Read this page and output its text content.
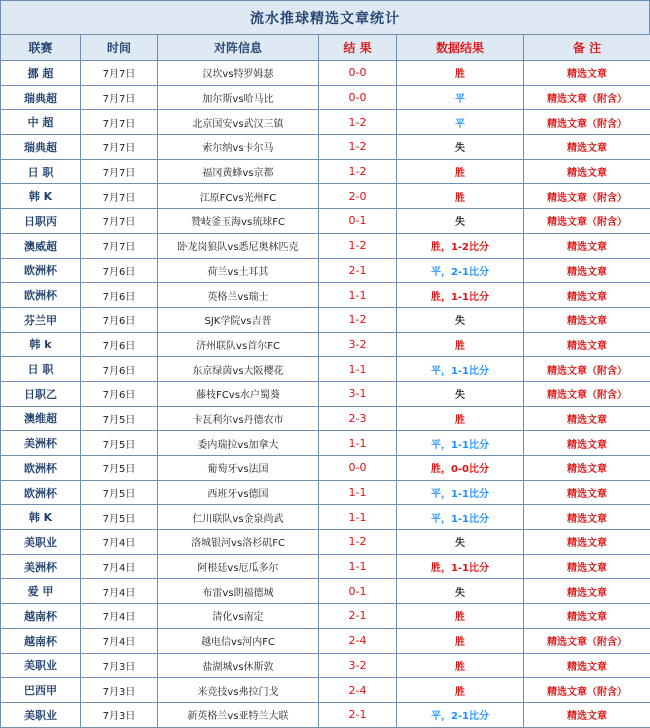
流水推球精选文章统计
联赛	时间	对阵信息	结 果	数据结果	备 注
挪 超	7月7日	汉坎vs特罗姆瑟	0-0	胜	精选文章
瑞典超	7月7日	加尔斯vs哈马比	0-0	平	精选文章（附含）
中 超	7月7日	北京国安vs武汉三镇	1-2	平	精选文章（附含）
瑞典超	7月7日	索尔纳vs卡尔马	1-2	失	精选文章
日 职	7月7日	福冈黄蜂vs京都	1-2	胜	精选文章
韩 K	7月7日	江原FCvs光州FC	2-0	胜	精选文章（附含）
日职丙	7月7日	赞岐釜玉海vs琉球FC	0-1	失	精选文章（附含）
澳威超	7月7日	卧龙岗狼队vs悉尼奥林匹克	1-2	胜，1-2比分	精选文章
欧洲杯	7月6日	荷兰vs土耳其	2-1	平，2-1比分	精选文章
欧洲杯	7月6日	英格兰vs瑞士	1-1	胜，1-1比分	精选文章
芬兰甲	7月6日	SJK学院vs吉普	1-2	失	精选文章
韩 k	7月6日	济州联队vs首尔FC	3-2	胜	精选文章
日 职	7月6日	东京绿茵vs大阪樱花	1-1	平，1-1比分	精选文章（附含）
日职乙	7月6日	藤枝FCvs水户蜀葵	3-1	失	精选文章（附含）
澳维超	7月5日	卡瓦利尔vs丹德农市	2-3	胜	精选文章
美洲杯	7月5日	委内瑞拉vs加拿大	1-1	平，1-1比分	精选文章
欧洲杯	7月5日	葡萄牙vs法国	0-0	胜，0-0比分	精选文章
欧洲杯	7月5日	西班牙vs德国	1-1	平，1-1比分	精选文章
韩 K	7月5日	仁川联队vs金泉尚武	1-1	平，1-1比分	精选文章
美职业	7月4日	洛城银河vs洛杉矶FC	1-2	失	精选文章
美洲杯	7月4日	阿根廷vs厄瓜多尔	1-1	胜，1-1比分	精选文章
爱 甲	7月4日	布雷vs朗福德城	0-1	失	精选文章
越南杯	7月4日	清化vs南定	2-1	胜	精选文章
越南杯	7月4日	越电信vs河内FC	2-4	胜	精选文章（附含）
美职业	7月3日	盐湖城vs休斯敦	3-2	胜	精选文章
巴西甲	7月3日	米竞技vs弗拉门戈	2-4	胜	精选文章（附含）
美职业	7月3日	新英格兰vs亚特兰大联	2-1	平，2-1比分	精选文章
